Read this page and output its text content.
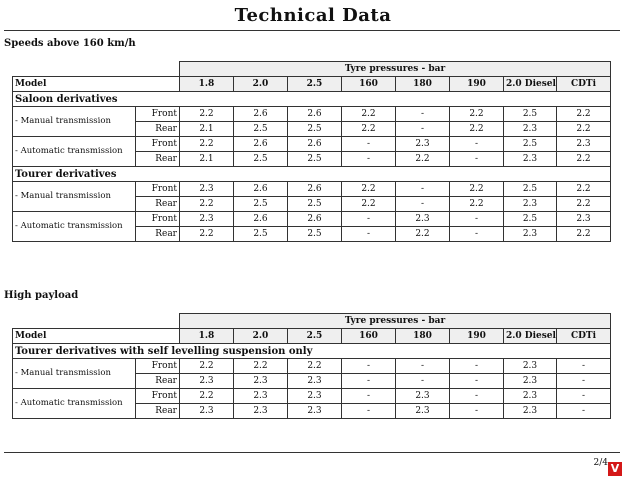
Technical Data
Speeds above 160 km/h
		Tyre pressures - bar							
Model		1.8	2.0	2.5	160	180	190	2.0 Diesel	CDTi
Saloon derivatives									
- Manual transmission	Front	2.2	2.6	2.6	2.2	-	2.2	2.5	2.2
	Rear	2.1	2.5	2.5	2.2	-	2.2	2.3	2.2
- Automatic transmission	Front	2.2	2.6	2.6	-	2.3	-	2.5	2.3
	Rear	2.1	2.5	2.5	-	2.2	-	2.3	2.2
Tourer derivatives									
- Manual transmission	Front	2.3	2.6	2.6	2.2	-	2.2	2.5	2.2
	Rear	2.2	2.5	2.5	2.2	-	2.2	2.3	2.2
- Automatic transmission	Front	2.3	2.6	2.6	-	2.3	-	2.5	2.3
	Rear	2.2	2.5	2.5	-	2.2	-	2.3	2.2
High payload
		Tyre pressures - bar							
Model		1.8	2.0	2.5	160	180	190	2.0 Diesel	CDTi
Tourer derivatives with self levelling suspension only									
- Manual transmission	Front	2.2	2.2	2.2	-	-	-	2.3	-
	Rear	2.3	2.3	2.3	-	-	-	2.3	-
- Automatic transmission	Front	2.2	2.3	2.3	-	2.3	-	2.3	-
	Rear	2.3	2.3	2.3	-	2.3	-	2.3	-
2/4 V
